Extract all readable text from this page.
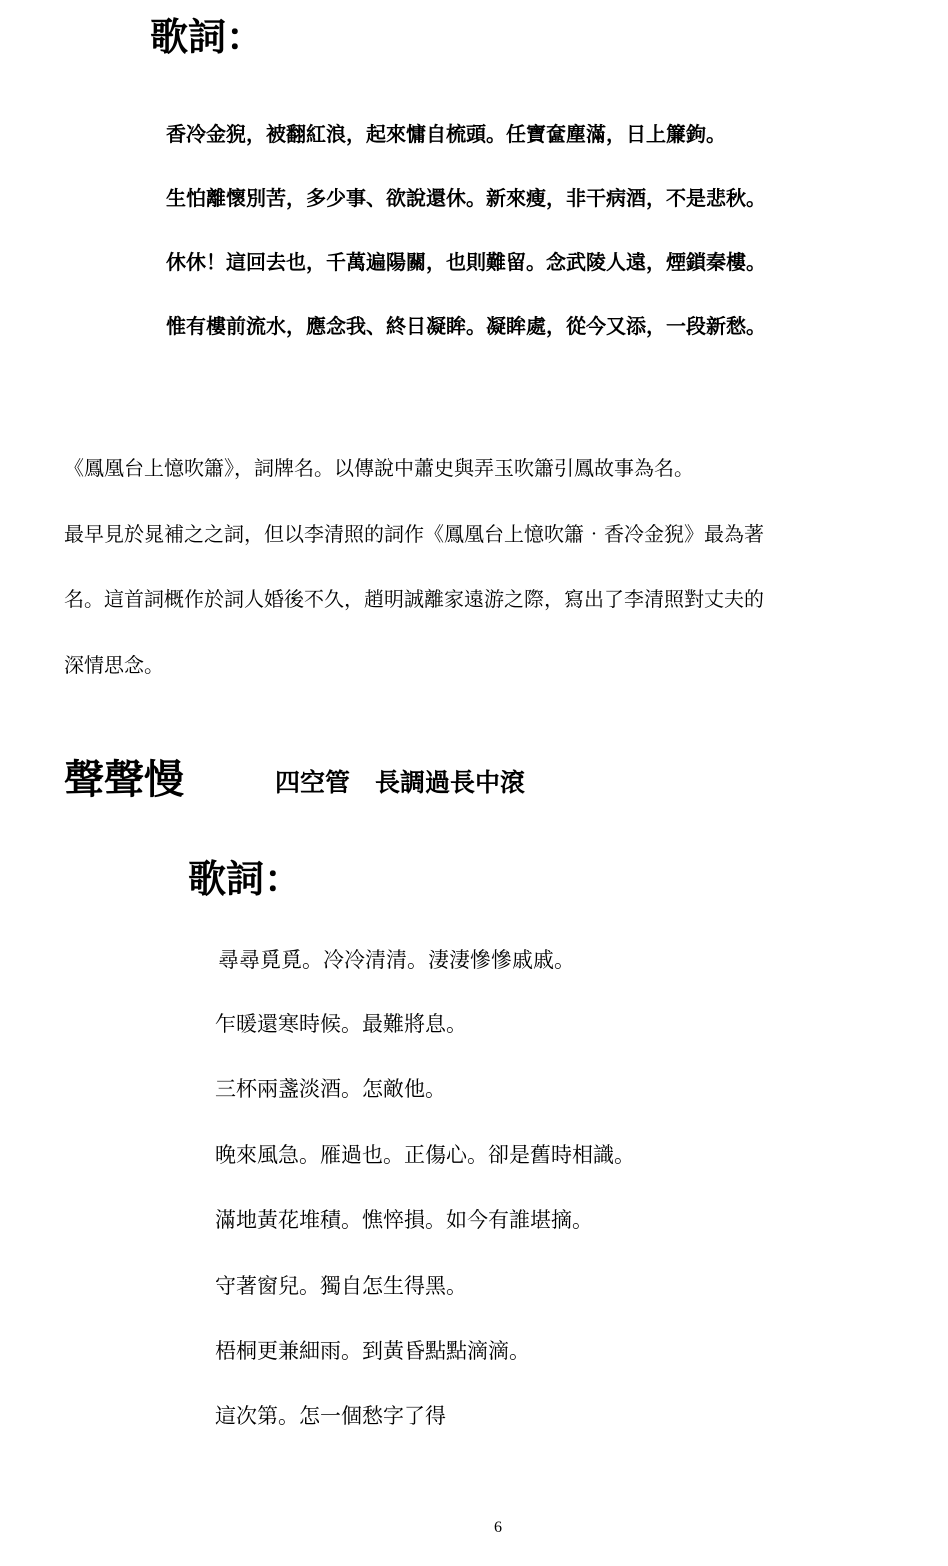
歌詞：
香冷金猊，被翻紅浪，起來慵自梳頭。任寶奩塵滿，日上簾鉤。
生怕離懷別苦，多少事、欲說還休。新來瘦，非干病酒，不是悲秋。
休休！這回去也，千萬遍陽關，也則難留。念武陵人遠，煙鎖秦樓。
惟有樓前流水，應念我、終日凝眸。凝眸處，從今又添，一段新愁。
《鳳凰台上憶吹簫》，詞牌名。以傳說中蕭史與弄玉吹簫引鳳故事為名。
最早見於晁補之之詞，但以李清照的詞作《鳳凰台上憶吹簫‧香冷金猊》最為著
名。這首詞概作於詞人婚後不久，趙明誠離家遠游之際，寫出了李清照對丈夫的
深情思念。
聲聲慢	四空管　長調過長中滾
歌詞：
尋尋覓覓。冷冷清清。淒淒慘慘戚戚。
乍暖還寒時候。最難將息。
三杯兩盞淡酒。怎敵他。
晚來風急。雁過也。正傷心。卻是舊時相識。
滿地黃花堆積。憔悴損。如今有誰堪摘。
守著窗兒。獨自怎生得黑。
梧桐更兼細雨。到黃昏點點滴滴。
這次第。怎一個愁字了得
6
